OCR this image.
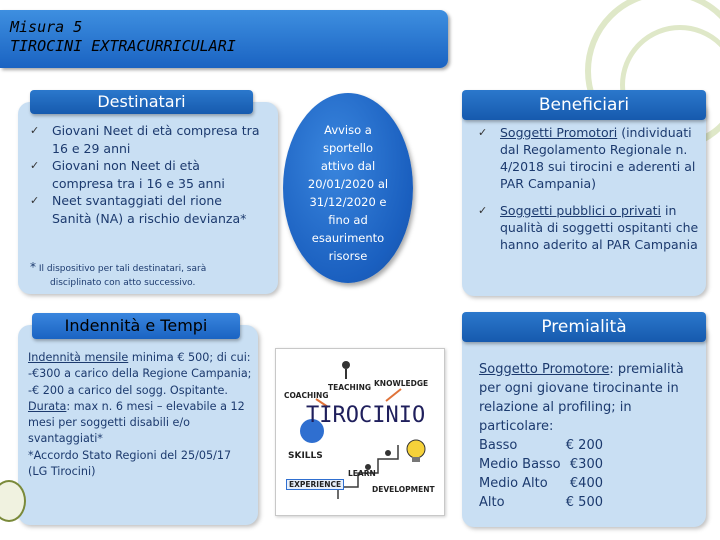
Misura 5
TIROCINI EXTRACURRICULARI
Destinatari
✓ Giovani Neet di età compresa tra 16 e 29 anni
✓ Giovani non Neet di età compresa tra i 16 e 35 anni
✓ Neet svantaggiati del rione Sanità (NA) a rischio devianza*
* Il dispositivo per tali destinatari, sarà
disciplinato con atto successivo.
Avviso a
sportello
attivo dal
20/01/2020 al
31/12/2020 e
fino ad
esaurimento
risorse
Beneficiari
✓ Soggetti Promotori (individuati dal Regolamento Regionale n. 4/2018 sui tirocini e aderenti al PAR Campania)
✓ Soggetti pubblici o privati in qualità di soggetti ospitanti che hanno aderito al PAR Campania
Indennità e Tempi
Indennità mensile minima € 500; di cui:
-€300 a carico della Regione Campania;
-€ 200 a carico del sogg. Ospitante.
Durata: max n. 6 mesi – elevabile a 12 mesi per soggetti disabili e/o svantaggiati*
*Accordo Stato Regioni del 25/05/17 (LG Tirocini)
TIROCINIO
TEACHING KNOWLEDGE
COACHING
SKILLS
LEARN
EXPERIENCE
DEVELOPMENT
Premialità
Soggetto Promotore: premialità per ogni giovane tirocinante in relazione al profiling; in particolare:
Basso	€ 200
Medio Basso €300
Medio Alto €400
Alto	€ 500
